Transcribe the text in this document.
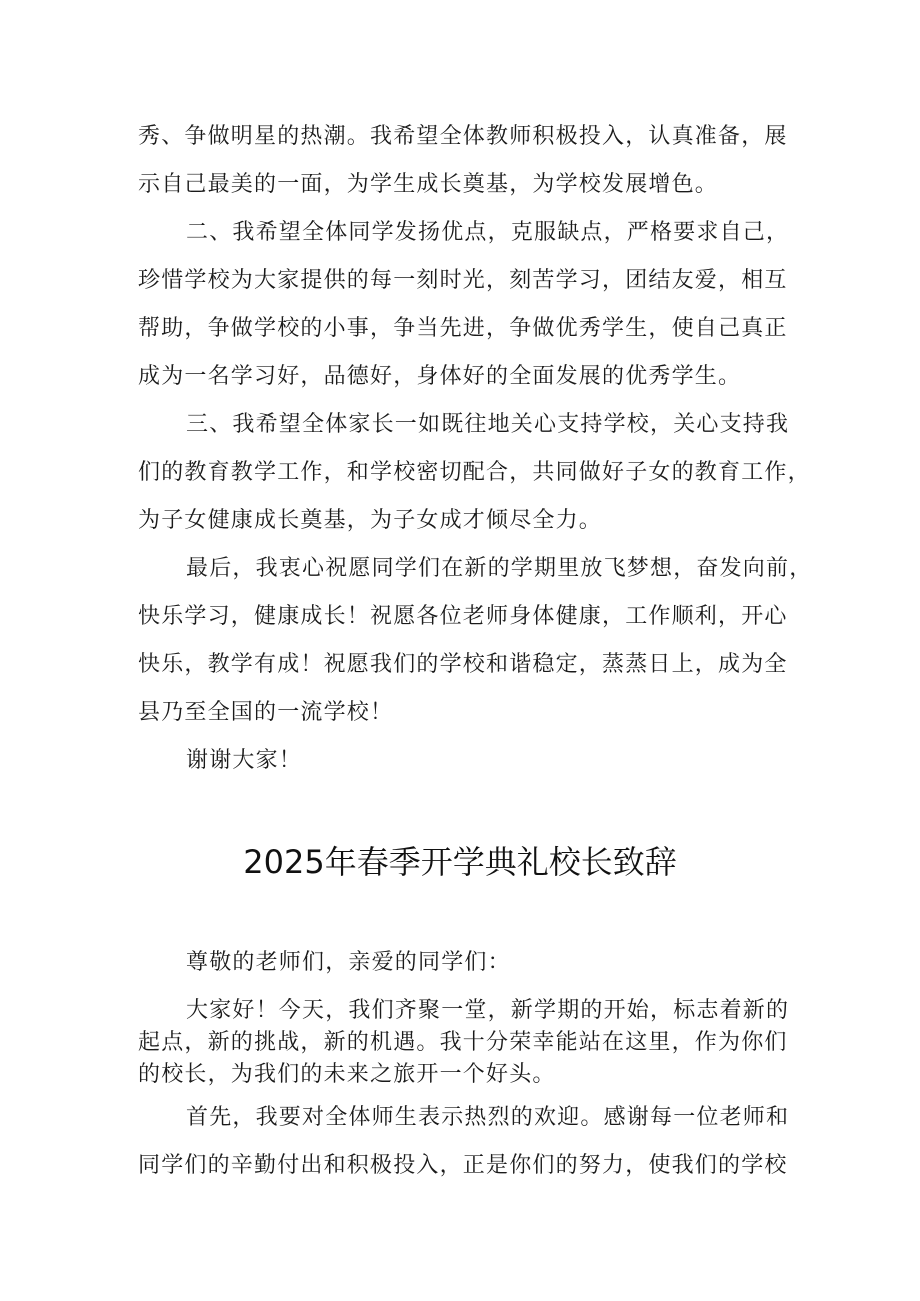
秀、争做明星的热潮。我希望全体教师积极投入，认真准备，展
示自己最美的一面，为学生成长奠基，为学校发展增色。
二、我希望全体同学发扬优点，克服缺点，严格要求自己，
珍惜学校为大家提供的每一刻时光，刻苦学习，团结友爱，相互
帮助，争做学校的小事，争当先进，争做优秀学生，使自己真正
成为一名学习好，品德好，身体好的全面发展的优秀学生。
三、我希望全体家长一如既往地关心支持学校，关心支持我
们的教育教学工作，和学校密切配合，共同做好子女的教育工作，
为子女健康成长奠基，为子女成才倾尽全力。
最后，我衷心祝愿同学们在新的学期里放飞梦想，奋发向前，
快乐学习，健康成长！祝愿各位老师身体健康，工作顺利，开心
快乐，教学有成！祝愿我们的学校和谐稳定，蒸蒸日上，成为全
县乃至全国的一流学校！
谢谢大家！
2025年春季开学典礼校长致辞
尊敬的老师们，亲爱的同学们：
大家好！今天，我们齐聚一堂，新学期的开始，标志着新的
起点，新的挑战，新的机遇。我十分荣幸能站在这里，作为你们
的校长，为我们的未来之旅开一个好头。
首先，我要对全体师生表示热烈的欢迎。感谢每一位老师和
同学们的辛勤付出和积极投入，正是你们的努力，使我们的学校
